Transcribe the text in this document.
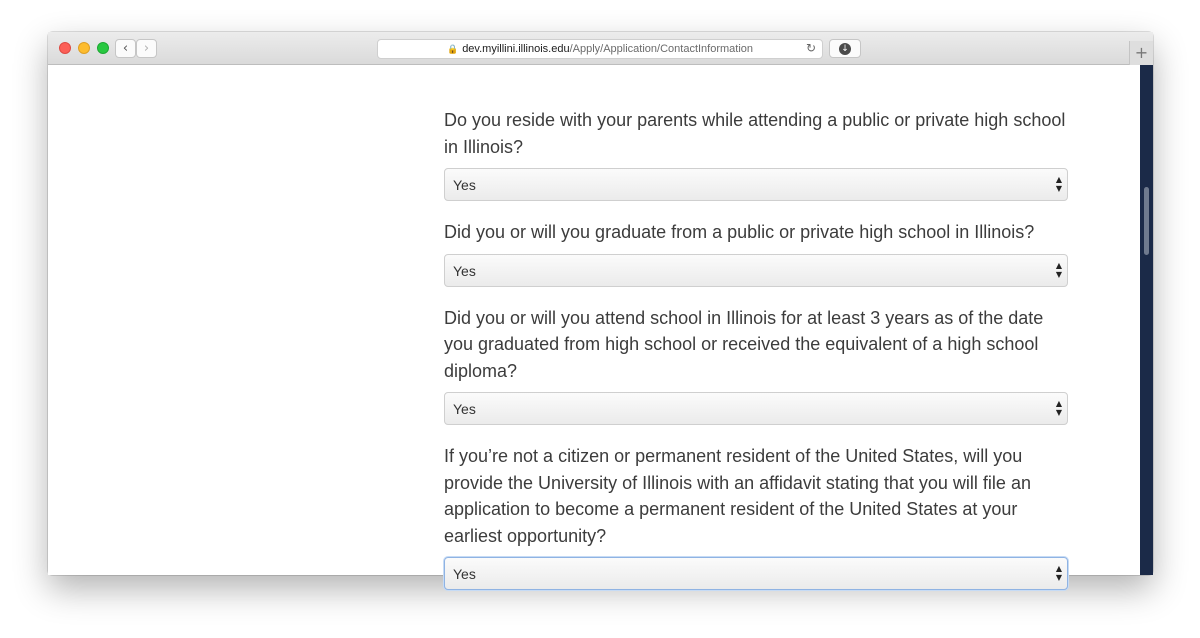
‹	›	🔒 dev.myillini.illinois.edu/Apply/Application/ContactInformation	↻	↓	+
Do you reside with your parents while attending a public or private high school in Illinois?
Yes	▲
▼
Did you or will you graduate from a public or private high school in Illinois?
Yes	▲
▼
Did you or will you attend school in Illinois for at least 3 years as of the date you graduated from high school or received the equivalent of a high school diploma?
Yes	▲
▼
If you’re not a citizen or permanent resident of the United States, will you provide the University of Illinois with an affidavit stating that you will file an application to become a permanent resident of the United States at your earliest opportunity?
Yes	▲
▼
